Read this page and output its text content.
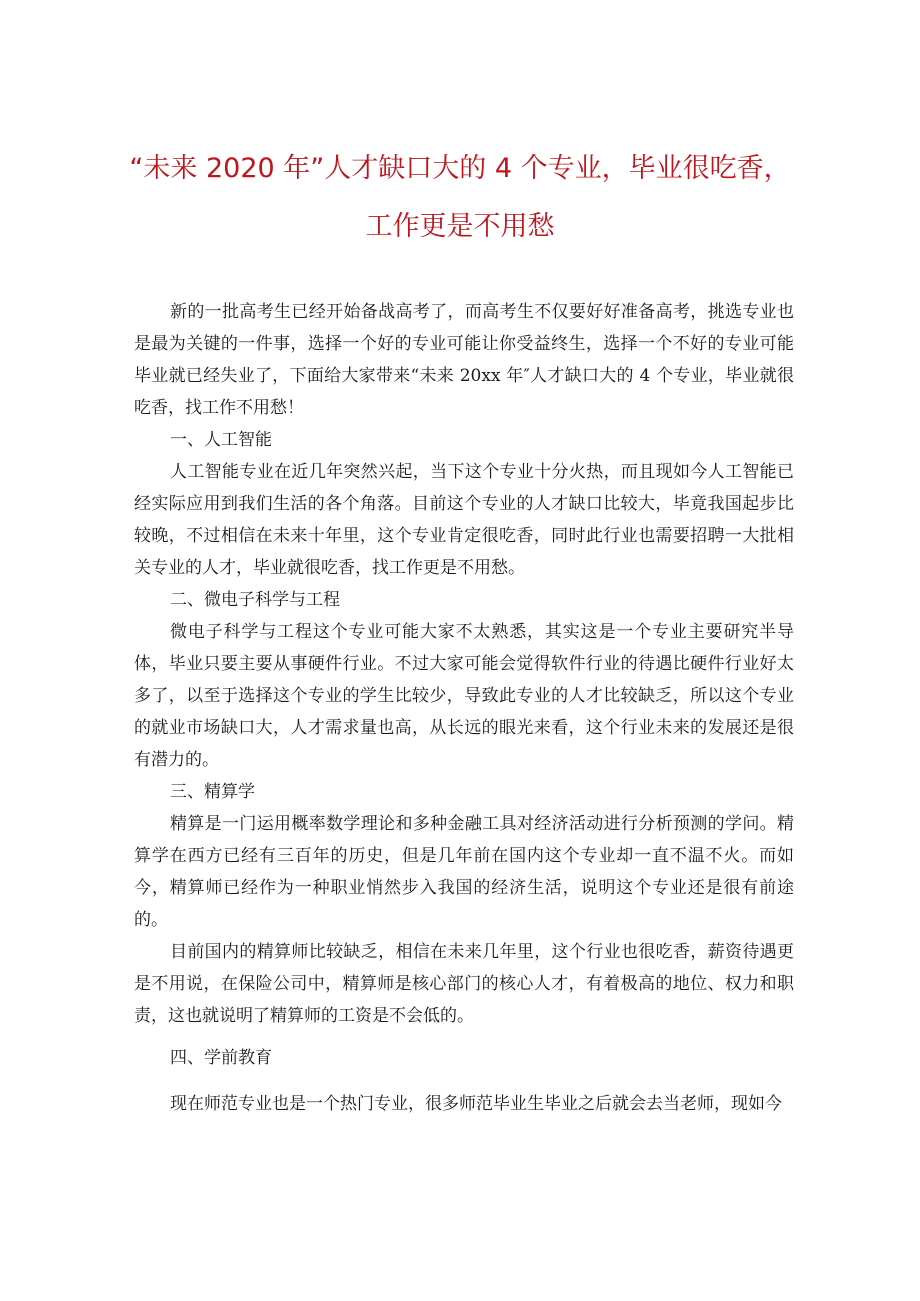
“未来 2020 年”人才缺口大的 4 个专业，毕业很吃香，
工作更是不用愁

新的一批高考生已经开始备战高考了，而高考生不仅要好好准备高考，挑选专业也是最为关键的一件事，选择一个好的专业可能让你受益终生，选择一个不好的专业可能毕业就已经失业了，下面给大家带来“未来 20xx 年″人才缺口大的 4 个专业，毕业就很吃香，找工作不用愁！

一、人工智能

人工智能专业在近几年突然兴起，当下这个专业十分火热，而且现如今人工智能已经实际应用到我们生活的各个角落。目前这个专业的人才缺口比较大，毕竟我国起步比较晚，不过相信在未来十年里，这个专业肯定很吃香，同时此行业也需要招聘一大批相关专业的人才，毕业就很吃香，找工作更是不用愁。

二、微电子科学与工程

微电子科学与工程这个专业可能大家不太熟悉，其实这是一个专业主要研究半导体，毕业只要主要从事硬件行业。不过大家可能会觉得软件行业的待遇比硬件行业好太多了，以至于选择这个专业的学生比较少，导致此专业的人才比较缺乏，所以这个专业的就业市场缺口大，人才需求量也高，从长远的眼光来看，这个行业未来的发展还是很有潜力的。

三、精算学

精算是一门运用概率数学理论和多种金融工具对经济活动进行分析预测的学问。精算学在西方已经有三百年的历史，但是几年前在国内这个专业却一直不温不火。而如今，精算师已经作为一种职业悄然步入我国的经济生活，说明这个专业还是很有前途的。

目前国内的精算师比较缺乏，相信在未来几年里，这个行业也很吃香，薪资待遇更是不用说，在保险公司中，精算师是核心部门的核心人才，有着极高的地位、权力和职责，这也就说明了精算师的工资是不会低的。

四、学前教育

现在师范专业也是一个热门专业，很多师范毕业生毕业之后就会去当老师，现如今
